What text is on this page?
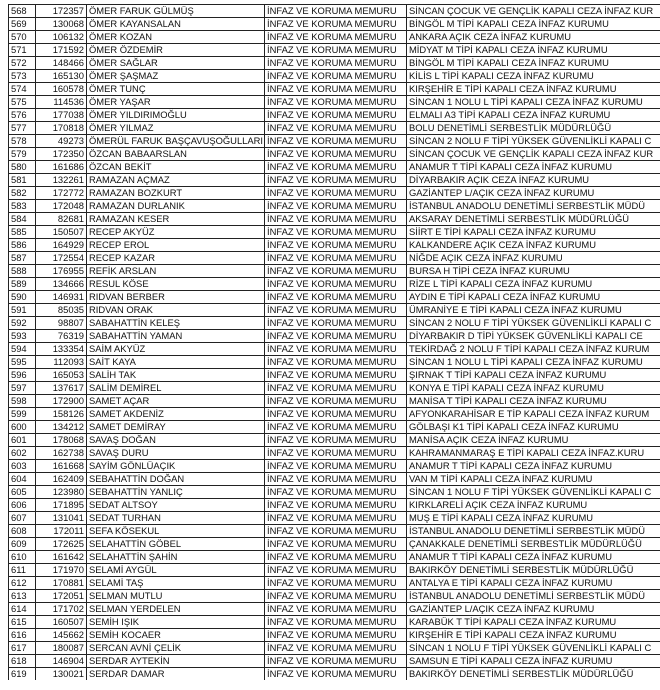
568	172357	ÖMER FARUK GÜLMÜŞ	İNFAZ VE KORUMA MEMURU	SİNCAN ÇOCUK VE GENÇLİK KAPALI CEZA İNFAZ KUR
569	130068	ÖMER KAYANSALAN	İNFAZ VE KORUMA MEMURU	BİNGÖL M TİPİ KAPALI CEZA İNFAZ KURUMU
570	106132	ÖMER KOZAN	İNFAZ VE KORUMA MEMURU	ANKARA AÇIK CEZA İNFAZ KURUMU
571	171592	ÖMER ÖZDEMİR	İNFAZ VE KORUMA MEMURU	MİDYAT M TİPİ KAPALI CEZA İNFAZ KURUMU
572	148466	ÖMER SAĞLAR	İNFAZ VE KORUMA MEMURU	BİNGÖL M TİPİ KAPALI CEZA İNFAZ KURUMU
573	165130	ÖMER ŞAŞMAZ	İNFAZ VE KORUMA MEMURU	KİLİS L TİPİ KAPALI CEZA İNFAZ KURUMU
574	160578	ÖMER TUNÇ	İNFAZ VE KORUMA MEMURU	KIRŞEHİR E TİPİ KAPALI CEZA İNFAZ KURUMU
575	114536	ÖMER YAŞAR	İNFAZ VE KORUMA MEMURU	SİNCAN 1 NOLU L TİPİ KAPALI CEZA İNFAZ KURUMU
576	177038	ÖMER YILDIRIMOĞLU	İNFAZ VE KORUMA MEMURU	ELMALI A3 TİPİ KAPALI CEZA İNFAZ KURUMU
577	170818	ÖMER YILMAZ	İNFAZ VE KORUMA MEMURU	BOLU DENETİMLİ SERBESTLİK MÜDÜRLÜĞÜ
578	49273	ÖMERÜL FARUK BAŞÇAVUŞOĞULLARI	İNFAZ VE KORUMA MEMURU	SİNCAN 2 NOLU F TİPİ YÜKSEK GÜVENLİKLİ KAPALI C
579	172350	ÖZCAN BABAARSLAN	İNFAZ VE KORUMA MEMURU	SİNCAN ÇOCUK VE GENÇLİK KAPALI CEZA İNFAZ KUR
580	161686	ÖZCAN BEKİT	İNFAZ VE KORUMA MEMURU	ANAMUR T TİPİ KAPALI CEZA İNFAZ KURUMU
581	132261	RAMAZAN AÇMAZ	İNFAZ VE KORUMA MEMURU	DİYARBAKIR AÇIK CEZA İNFAZ KURUMU
582	172772	RAMAZAN BOZKURT	İNFAZ VE KORUMA MEMURU	GAZİANTEP L/AÇIK CEZA İNFAZ KURUMU
583	172048	RAMAZAN DURLANIK	İNFAZ VE KORUMA MEMURU	İSTANBUL ANADOLU DENETİMLİ SERBESTLİK MÜDÜ
584	82681	RAMAZAN KESER	İNFAZ VE KORUMA MEMURU	AKSARAY DENETİMLİ SERBESTLİK MÜDÜRLÜĞÜ
585	150507	RECEP AKYÜZ	İNFAZ VE KORUMA MEMURU	SİİRT E TİPİ KAPALI CEZA İNFAZ KURUMU
586	164929	RECEP EROL	İNFAZ VE KORUMA MEMURU	KALKANDERE AÇIK CEZA İNFAZ KURUMU
587	172554	RECEP KAZAR	İNFAZ VE KORUMA MEMURU	NİĞDE AÇIK CEZA İNFAZ KURUMU
588	176955	REFİK ARSLAN	İNFAZ VE KORUMA MEMURU	BURSA H TİPİ CEZA İNFAZ KURUMU
589	134666	RESUL KÖSE	İNFAZ VE KORUMA MEMURU	RİZE L TİPİ KAPALI CEZA İNFAZ KURUMU
590	146931	RIDVAN BERBER	İNFAZ VE KORUMA MEMURU	AYDIN E TİPİ KAPALI CEZA İNFAZ KURUMU
591	85035	RIDVAN ORAK	İNFAZ VE KORUMA MEMURU	ÜMRANİYE E TİPİ KAPALI CEZA İNFAZ KURUMU
592	98807	SABAHATTİN KELEŞ	İNFAZ VE KORUMA MEMURU	SİNCAN 2 NOLU F TİPİ YÜKSEK GÜVENLİKLİ KAPALI C
593	76319	SABAHATTİN YAMAN	İNFAZ VE KORUMA MEMURU	DİYARBAKIR D TİPİ YÜKSEK GÜVENLİKLİ KAPALI CE
594	133354	SAİM AKYÜZ	İNFAZ VE KORUMA MEMURU	TEKİRDAĞ 2 NOLU F TİPİ KAPALI CEZA İNFAZ KURUM
595	112093	SAİT KAYA	İNFAZ VE KORUMA MEMURU	SİNCAN 1 NOLU L TİPİ KAPALI CEZA İNFAZ KURUMU
596	165053	SALİH TAK	İNFAZ VE KORUMA MEMURU	ŞIRNAK T TİPİ KAPALI CEZA İNFAZ KURUMU
597	137617	SALİM DEMİREL	İNFAZ VE KORUMA MEMURU	KONYA E TİPİ KAPALI CEZA İNFAZ KURUMU
598	172900	SAMET AÇAR	İNFAZ VE KORUMA MEMURU	MANİSA T TİPİ KAPALI CEZA İNFAZ KURUMU
599	158126	SAMET AKDENİZ	İNFAZ VE KORUMA MEMURU	AFYONKARAHİSAR E TİP KAPALI CEZA İNFAZ KURUM
600	134212	SAMET DEMİRAY	İNFAZ VE KORUMA MEMURU	GÖLBAŞI K1 TİPİ KAPALI CEZA İNFAZ KURUMU
601	178068	SAVAŞ DOĞAN	İNFAZ VE KORUMA MEMURU	MANİSA AÇIK CEZA İNFAZ KURUMU
602	162738	SAVAŞ DURU	İNFAZ VE KORUMA MEMURU	KAHRAMANMARAŞ E TİPİ KAPALI CEZA İNFAZ.KURU
603	161668	SAYİM GÖNLÜAÇIK	İNFAZ VE KORUMA MEMURU	ANAMUR T TİPİ KAPALI CEZA İNFAZ KURUMU
604	162409	SEBAHATTİN DOĞAN	İNFAZ VE KORUMA MEMURU	VAN M TİPİ KAPALI CEZA İNFAZ KURUMU
605	123980	SEBAHATTİN YANLIÇ	İNFAZ VE KORUMA MEMURU	SİNCAN 1 NOLU F TİPİ YÜKSEK GÜVENLİKLİ KAPALI C
606	171895	SEDAT ALTSOY	İNFAZ VE KORUMA MEMURU	KIRKLARELİ AÇIK CEZA İNFAZ KURUMU
607	131041	SEDAT TURHAN	İNFAZ VE KORUMA MEMURU	MUŞ E TİPİ KAPALI CEZA İNFAZ KURUMU
608	172011	SEFA KÖSEKUL	İNFAZ VE KORUMA MEMURU	İSTANBUL ANADOLU DENETİMLİ SERBESTLİK MÜDÜ
609	172625	SELAHATTİN GÖBEL	İNFAZ VE KORUMA MEMURU	ÇANAKKALE DENETİMLİ SERBESTLİK MÜDÜRLÜĞÜ
610	161642	SELAHATTİN ŞAHİN	İNFAZ VE KORUMA MEMURU	ANAMUR T TİPİ KAPALI CEZA İNFAZ KURUMU
611	171970	SELAMİ AYGÜL	İNFAZ VE KORUMA MEMURU	BAKIRKÖY DENETİMLİ SERBESTLİK MÜDÜRLÜĞÜ
612	170881	SELAMİ TAŞ	İNFAZ VE KORUMA MEMURU	ANTALYA E TİPİ KAPALI CEZA İNFAZ KURUMU
613	172051	SELMAN MUTLU	İNFAZ VE KORUMA MEMURU	İSTANBUL ANADOLU DENETİMLİ SERBESTLİK MÜDÜ
614	171702	SELMAN YERDELEN	İNFAZ VE KORUMA MEMURU	GAZİANTEP L/AÇIK CEZA İNFAZ KURUMU
615	160507	SEMİH IŞIK	İNFAZ VE KORUMA MEMURU	KARABÜK T TİPİ KAPALI CEZA İNFAZ KURUMU
616	145662	SEMİH KOCAER	İNFAZ VE KORUMA MEMURU	KIRŞEHİR E TİPİ KAPALI CEZA İNFAZ KURUMU
617	180087	SERCAN AVNİ ÇELİK	İNFAZ VE KORUMA MEMURU	SİNCAN 1 NOLU F TİPİ YÜKSEK GÜVENLİKLİ KAPALI C
618	146904	SERDAR AYTEKİN	İNFAZ VE KORUMA MEMURU	SAMSUN E TİPİ KAPALI CEZA İNFAZ KURUMU
619	130021	SERDAR DAMAR	İNFAZ VE KORUMA MEMURU	BAKIRKÖY DENETİMLİ SERBESTLİK MÜDÜRLÜĞÜ
